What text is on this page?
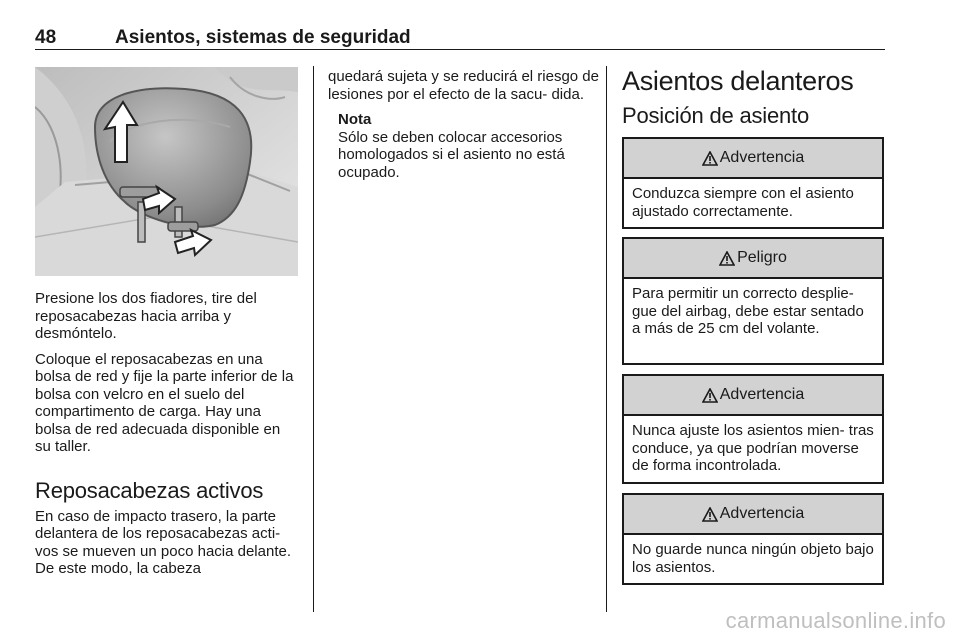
48	Asientos, sistemas de seguridad

Presione los dos fiadores, tire del reposacabezas hacia arriba y desmóntelo.

Coloque el reposacabezas en una bolsa de red y fije la parte inferior de la bolsa con velcro en el suelo del compartimento de carga. Hay una bolsa de red adecuada disponible en su taller.

Reposacabezas activos

En caso de impacto trasero, la parte delantera de los reposacabezas acti‐ vos se mueven un poco hacia delante. De este modo, la cabeza

quedará sujeta y se reducirá el riesgo de lesiones por el efecto de la sacu‐ dida.

Nota
Sólo se deben colocar accesorios homologados si el asiento no está ocupado.
Asientos delanteros
Posición de asiento
Advertencia
Conduzca siempre con el asiento ajustado correctamente.
Peligro
Para permitir un correcto desplie‐ gue del airbag, debe estar sentado a más de 25 cm del volante.
Advertencia
Nunca ajuste los asientos mien‐ tras conduce, ya que podrían moverse de forma incontrolada.
Advertencia
No guarde nunca ningún objeto bajo los asientos.
carmanualsonline.info
